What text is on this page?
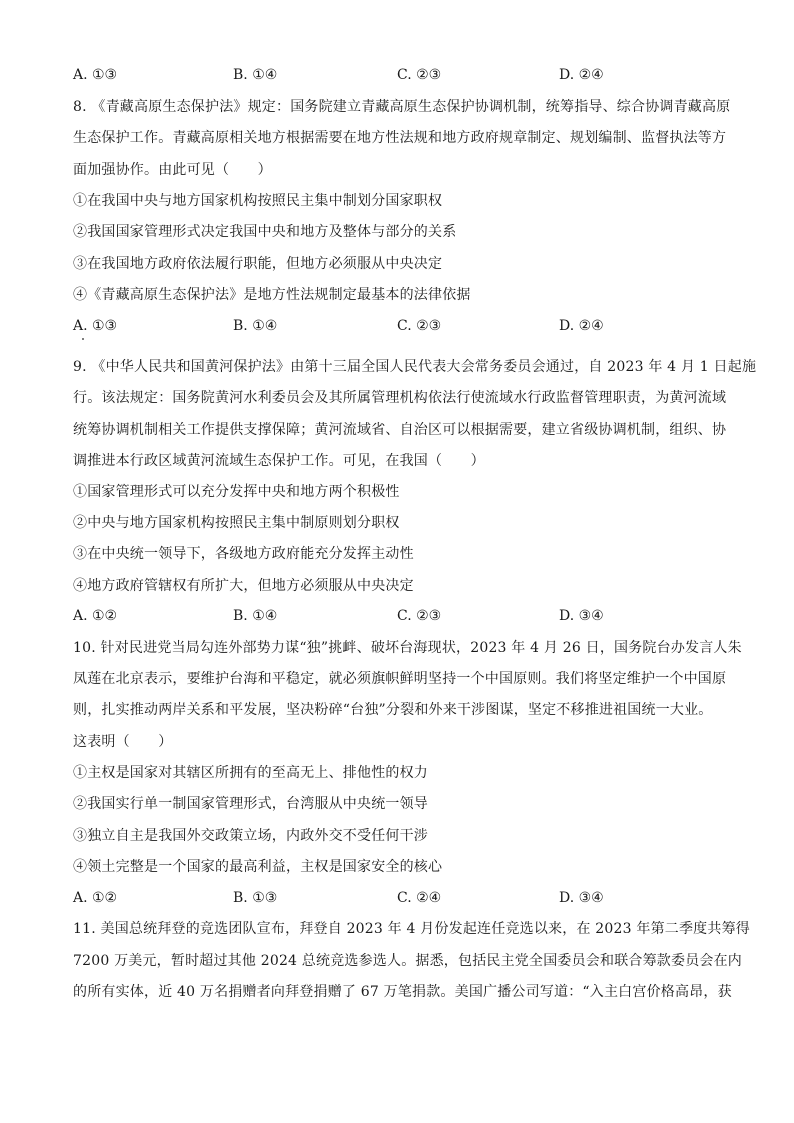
A. ①③	B. ①④	C. ②③	D. ②④
8. 《青藏高原生态保护法》规定：国务院建立青藏高原生态保护协调机制，统筹指导、综合协调青藏高原
生态保护工作。青藏高原相关地方根据需要在地方性法规和地方政府规章制定、规划编制、监督执法等方
面加强协作。由此可见（　　）
①在我国中央与地方国家机构按照民主集中制划分国家职权
②我国国家管理形式决定我国中央和地方及整体与部分的关系
③在我国地方政府依法履行职能，但地方必须服从中央决定
④《青藏高原生态保护法》是地方性法规制定最基本的法律依据
A. ①③	B. ①④	C. ②③	D. ②④
9. 《中华人民共和国黄河保护法》由第十三届全国人民代表大会常务委员会通过，自 2023 年 4 月 1 日起施
行。该法规定：国务院黄河水利委员会及其所属管理机构依法行使流域水行政监督管理职责，为黄河流域
统筹协调机制相关工作提供支撑保障；黄河流域省、自治区可以根据需要，建立省级协调机制，组织、协
调推进本行政区域黄河流域生态保护工作。可见，在我国（　　）
①国家管理形式可以充分发挥中央和地方两个积极性
②中央与地方国家机构按照民主集中制原则划分职权
③在中央统一领导下，各级地方政府能充分发挥主动性
④地方政府管辖权有所扩大，但地方必须服从中央决定
A. ①②	B. ①④	C. ②③	D. ③④
10. 针对民进党当局勾连外部势力谋“独”挑衅、破坏台海现状，2023 年 4 月 26 日，国务院台办发言人朱
凤莲在北京表示，要维护台海和平稳定，就必须旗帜鲜明坚持一个中国原则。我们将坚定维护一个中国原
则，扎实推动两岸关系和平发展，坚决粉碎“台独”分裂和外来干涉图谋，坚定不移推进祖国统一大业。
这表明（　　）
①主权是国家对其辖区所拥有的至高无上、排他性的权力
②我国实行单一制国家管理形式，台湾服从中央统一领导
③独立自主是我国外交政策立场，内政外交不受任何干涉
④领土完整是一个国家的最高利益，主权是国家安全的核心
A. ①②	B. ①③	C. ②④	D. ③④
11. 美国总统拜登的竞选团队宣布，拜登自 2023 年 4 月份发起连任竞选以来，在 2023 年第二季度共筹得
7200 万美元，暂时超过其他 2024 总统竞选参选人。据悉，包括民主党全国委员会和联合筹款委员会在内
的所有实体，近 40 万名捐赠者向拜登捐赠了 67 万笔捐款。美国广播公司写道：“入主白宫价格高昂，获
